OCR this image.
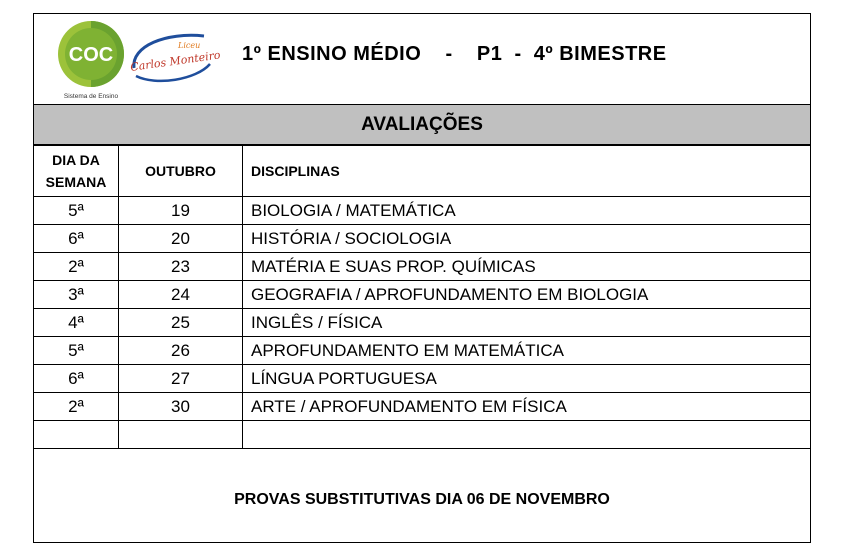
COC
Sistema de Ensino
Liceu
Carlos Monteiro 1º ENSINO MÉDIO    -    P1  -  4º BIMESTRE
AVALIAÇÕES
DIA DA
SEMANA	OUTUBRO	DISCIPLINAS
5ª	19	BIOLOGIA / MATEMÁTICA
6ª	20	HISTÓRIA / SOCIOLOGIA
2ª	23	MATÉRIA E SUAS PROP. QUÍMICAS
3ª	24	GEOGRAFIA / APROFUNDAMENTO EM BIOLOGIA
4ª	25	INGLÊS / FÍSICA
5ª	26	APROFUNDAMENTO EM MATEMÁTICA
6ª	27	LÍNGUA PORTUGUESA
2ª	30	ARTE / APROFUNDAMENTO EM FÍSICA

PROVAS SUBSTITUTIVAS DIA 06 DE NOVEMBRO
